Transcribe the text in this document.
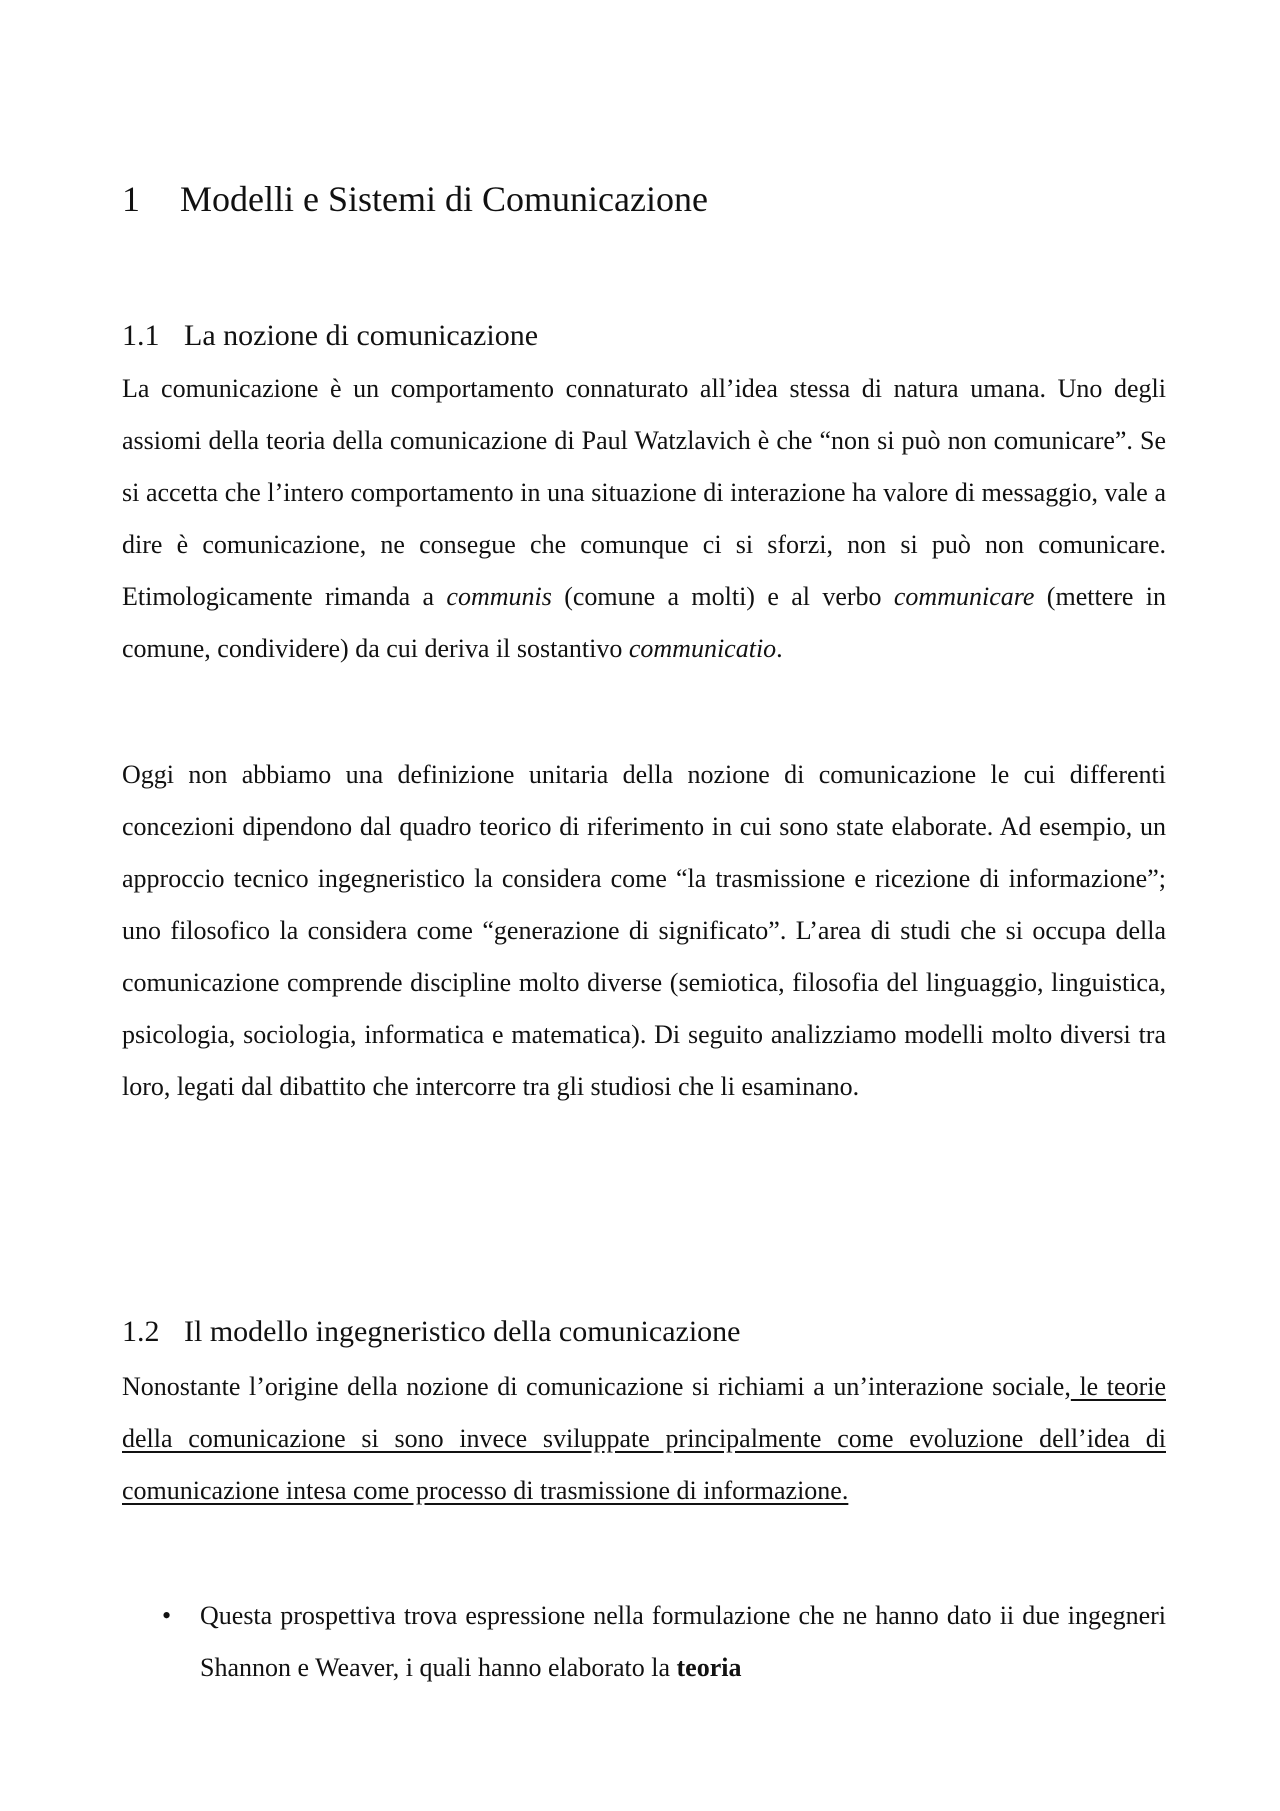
1 Modelli e Sistemi di Comunicazione
1.1 La nozione di comunicazione

La comunicazione è un comportamento connaturato all’idea stessa di natura umana. Uno degli assiomi della teoria della comunicazione di Paul Watzlavich è che “non si può non comunicare”. Se si accetta che l’intero comportamento in una situazione di interazione ha valore di messaggio, vale a dire è comunicazione, ne consegue che comunque ci si sforzi, non si può non comunicare. Etimologicamente rimanda a communis (comune a molti) e al verbo communicare (mettere in comune, condividere) da cui deriva il sostantivo communicatio.

Oggi non abbiamo una definizione unitaria della nozione di comunicazione le cui differenti concezioni dipendono dal quadro teorico di riferimento in cui sono state elaborate. Ad esempio, un approccio tecnico ingegneristico la considera come “la trasmissione e ricezione di informazione”; uno filosofico la considera come “generazione di significato”. L’area di studi che si occupa della comunicazione comprende discipline molto diverse (semiotica, filosofia del linguaggio, linguistica, psicologia, sociologia, informatica e matematica). Di seguito analizziamo modelli molto diversi tra loro, legati dal dibattito che intercorre tra gli studiosi che li esaminano.

1.2 Il modello ingegneristico della comunicazione

Nonostante l’origine della nozione di comunicazione si richiami a un’interazione sociale, le teorie della comunicazione si sono invece sviluppate principalmente come evoluzione dell’idea di comunicazione intesa come processo di trasmissione di informazione.

• Questa prospettiva trova espressione nella formulazione che ne hanno dato ii due ingegneri Shannon e Weaver, i quali hanno elaborato la teoria
